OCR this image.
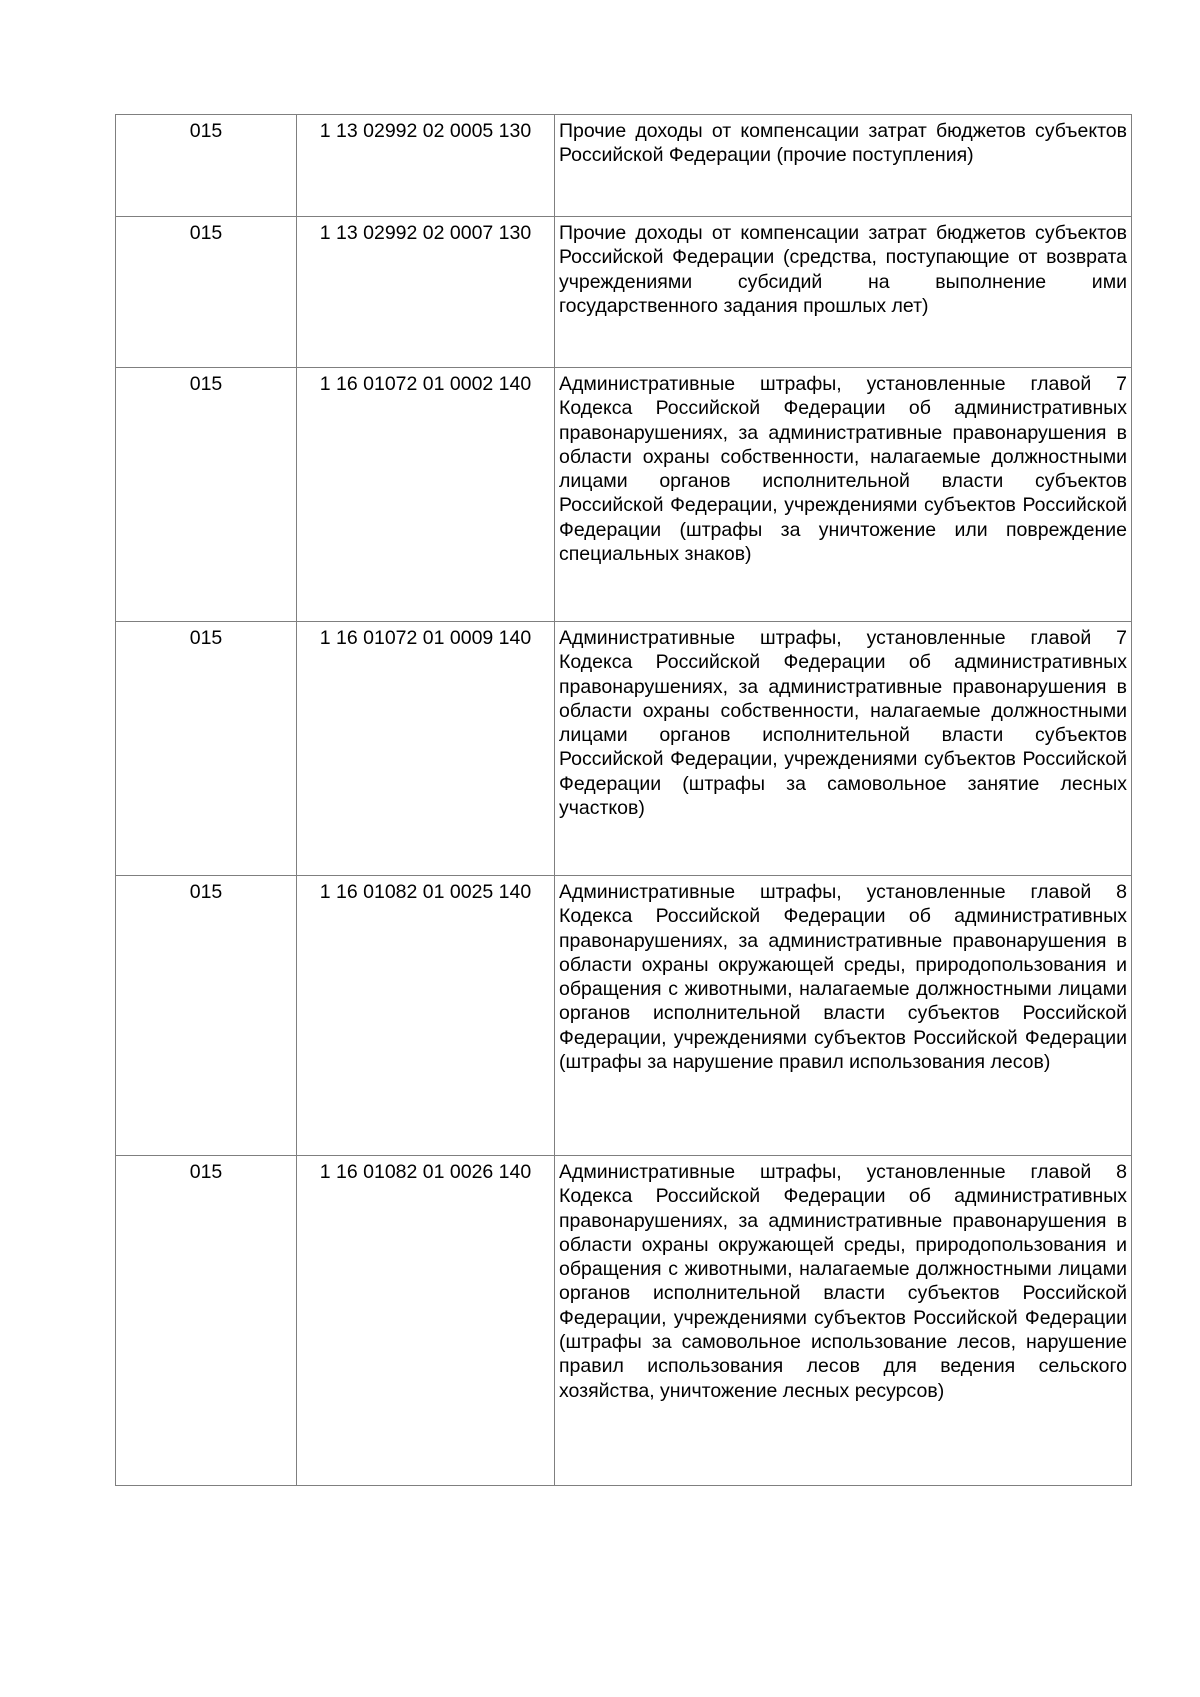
015	1 13 02992 02 0005 130	Прочие доходы от компенсации затрат бюджетов субъектов Российской Федерации (прочие поступления)
015	1 13 02992 02 0007 130	Прочие доходы от компенсации затрат бюджетов субъектов Российской Федерации (средства, поступающие от возврата учреждениями субсидий на выполнение ими государственного задания прошлых лет)
015	1 16 01072 01 0002 140	Административные штрафы, установленные главой 7 Кодекса Российской Федерации об административных правонарушениях, за административные правонарушения в области охраны собственности, налагаемые должностными лицами органов исполнительной власти субъектов Российской Федерации, учреждениями субъектов Российской Федерации (штрафы за уничтожение или повреждение специальных знаков)
015	1 16 01072 01 0009 140	Административные штрафы, установленные главой 7 Кодекса Российской Федерации об административных правонарушениях, за административные правонарушения в области охраны собственности, налагаемые должностными лицами органов исполнительной власти субъектов Российской Федерации, учреждениями субъектов Российской Федерации (штрафы за самовольное занятие лесных участков)
015	1 16 01082 01 0025 140	Административные штрафы, установленные главой 8 Кодекса Российской Федерации об административных правонарушениях, за административные правонарушения в области охраны окружающей среды, природопользования и обращения с животными, налагаемые должностными лицами органов исполнительной власти субъектов Российской Федерации, учреждениями субъектов Российской Федерации (штрафы за нарушение правил использования лесов)
015	1 16 01082 01 0026 140	Административные штрафы, установленные главой 8 Кодекса Российской Федерации об административных правонарушениях, за административные правонарушения в области охраны окружающей среды, природопользования и обращения с животными, налагаемые должностными лицами органов исполнительной власти субъектов Российской Федерации, учреждениями субъектов Российской Федерации (штрафы за самовольное использование лесов, нарушение правил использования лесов для ведения сельского хозяйства, уничтожение лесных ресурсов)
